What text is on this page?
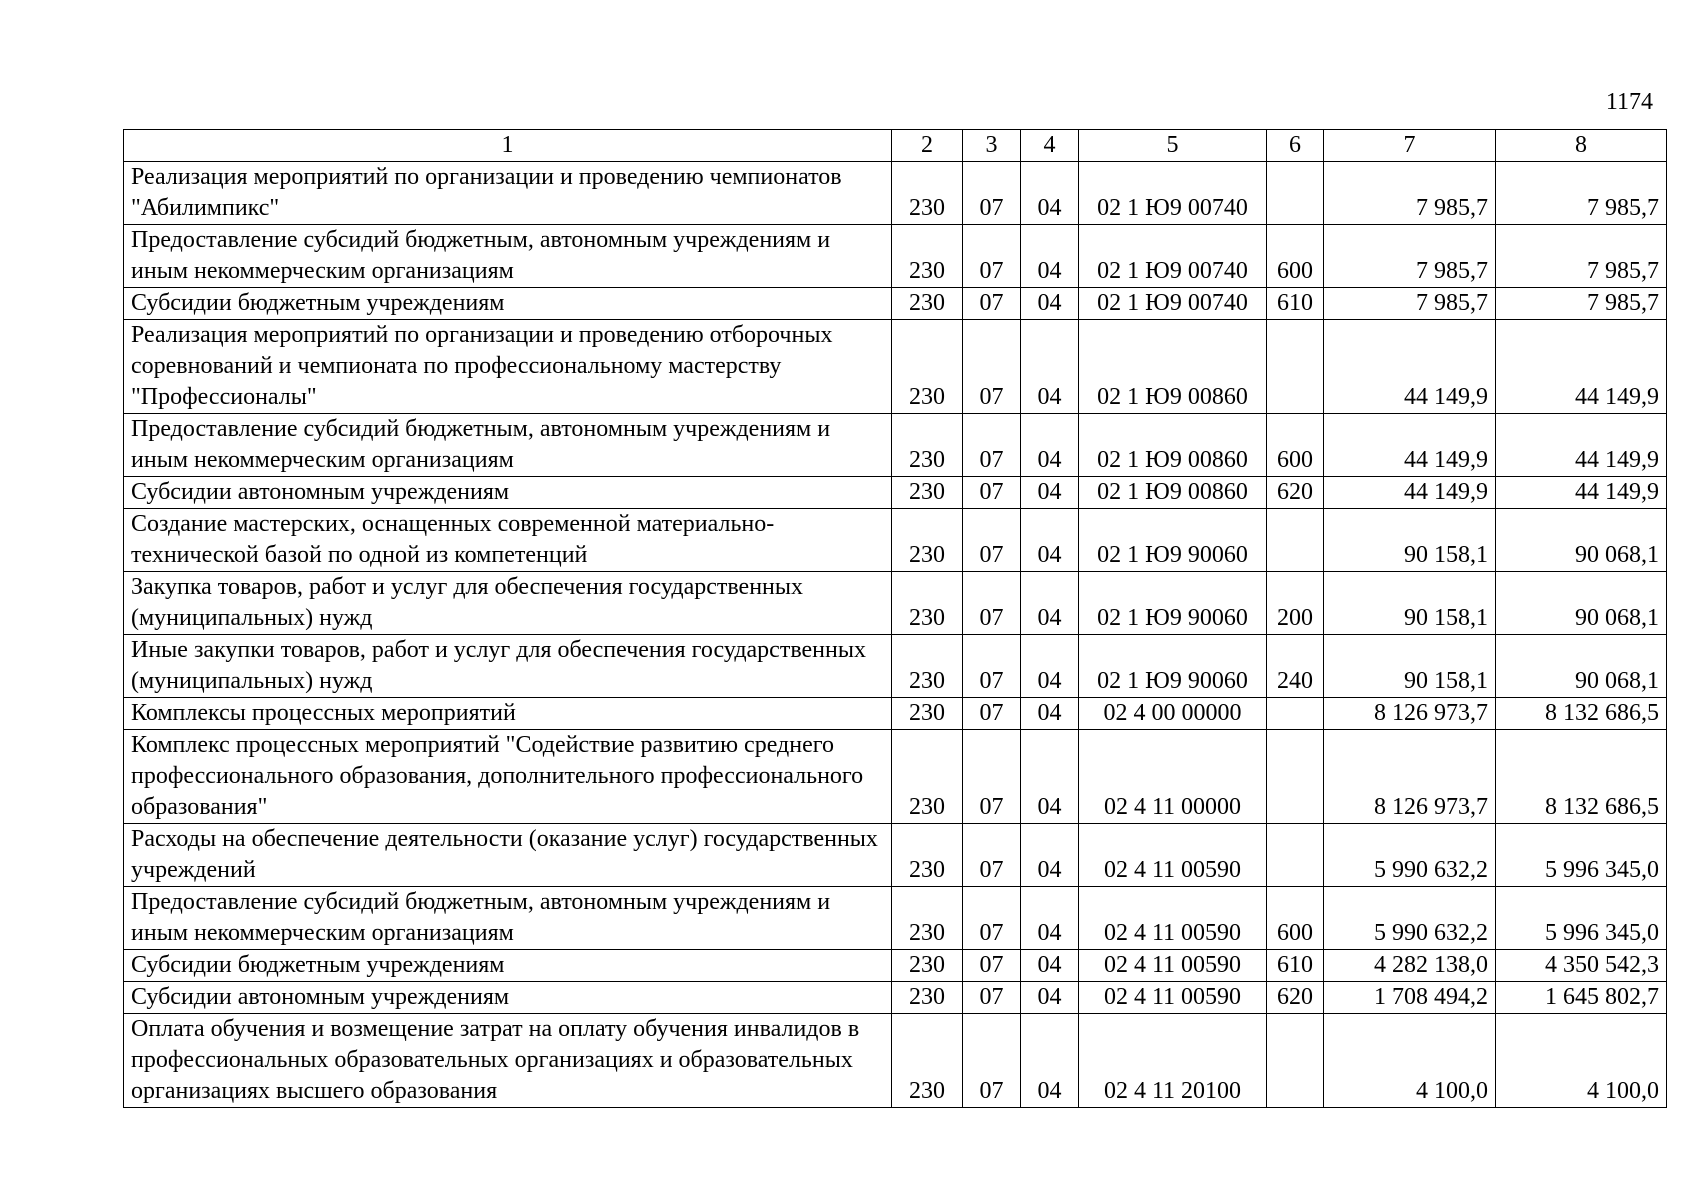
1174
1	2	3	4	5	6	7	8
Реализация мероприятий по организации и проведению чемпионатов "Абилимпикс"	230	07	04	02 1 Ю9 00740		7 985,7	7 985,7
Предоставление субсидий бюджетным, автономным учреждениям и иным некоммерческим организациям	230	07	04	02 1 Ю9 00740	600	7 985,7	7 985,7
Субсидии бюджетным учреждениям	230	07	04	02 1 Ю9 00740	610	7 985,7	7 985,7
Реализация мероприятий по организации и проведению отборочных соревнований и чемпионата по профессиональному мастерству "Профессионалы"	230	07	04	02 1 Ю9 00860		44 149,9	44 149,9
Предоставление субсидий бюджетным, автономным учреждениям и иным некоммерческим организациям	230	07	04	02 1 Ю9 00860	600	44 149,9	44 149,9
Субсидии автономным учреждениям	230	07	04	02 1 Ю9 00860	620	44 149,9	44 149,9
Создание мастерских, оснащенных современной материально-технической базой по одной из компетенций	230	07	04	02 1 Ю9 90060		90 158,1	90 068,1
Закупка товаров, работ и услуг для обеспечения государственных (муниципальных) нужд	230	07	04	02 1 Ю9 90060	200	90 158,1	90 068,1
Иные закупки товаров, работ и услуг для обеспечения государственных (муниципальных) нужд	230	07	04	02 1 Ю9 90060	240	90 158,1	90 068,1
Комплексы процессных мероприятий	230	07	04	02 4 00 00000		8 126 973,7	8 132 686,5
Комплекс процессных мероприятий "Содействие развитию среднего профессионального образования, дополнительного профессионального образования"	230	07	04	02 4 11 00000		8 126 973,7	8 132 686,5
Расходы на обеспечение деятельности (оказание услуг) государственных учреждений	230	07	04	02 4 11 00590		5 990 632,2	5 996 345,0
Предоставление субсидий бюджетным, автономным учреждениям и иным некоммерческим организациям	230	07	04	02 4 11 00590	600	5 990 632,2	5 996 345,0
Субсидии бюджетным учреждениям	230	07	04	02 4 11 00590	610	4 282 138,0	4 350 542,3
Субсидии автономным учреждениям	230	07	04	02 4 11 00590	620	1 708 494,2	1 645 802,7
Оплата обучения и возмещение затрат на оплату обучения инвалидов в профессиональных образовательных организациях и образовательных организациях высшего образования	230	07	04	02 4 11 20100		4 100,0	4 100,0
